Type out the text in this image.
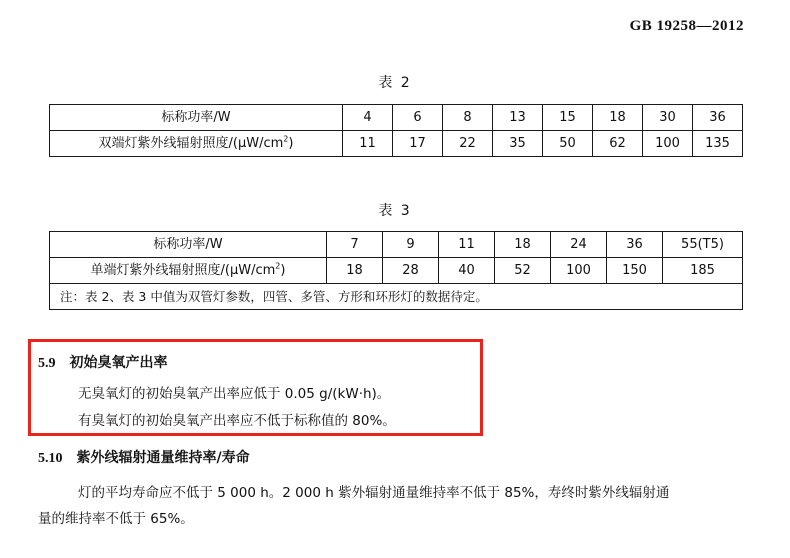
GB 19258—2012
表 2
标称功率/W	4	6	8	13	15	18	30	36
双端灯紫外线辐射照度$/(\mu W/cm^2)$	11	17	22	35	50	62	100	135
表 3
标称功率/W	7	9	11	18	24	36	55(T5)
单端灯紫外线辐射照度$/(\mu W/cm^2)$	18	28	40	52	100	150	185
注：表 2、表 3 中值为双管灯参数，四管、多管、方形和环形灯的数据待定。							
5.9 初始臭氧产出率
无臭氧灯的初始臭氧产出率应低于 0.05 g/(kW·h)。
有臭氧灯的初始臭氧产出率应不低于标称值的 80%。
5.10 紫外线辐射通量维持率/寿命
灯的平均寿命应不低于 5 000 h。2 000 h 紫外辐射通量维持率不低于 85%，寿终时紫外线辐射通
量的维持率不低于 65%。
